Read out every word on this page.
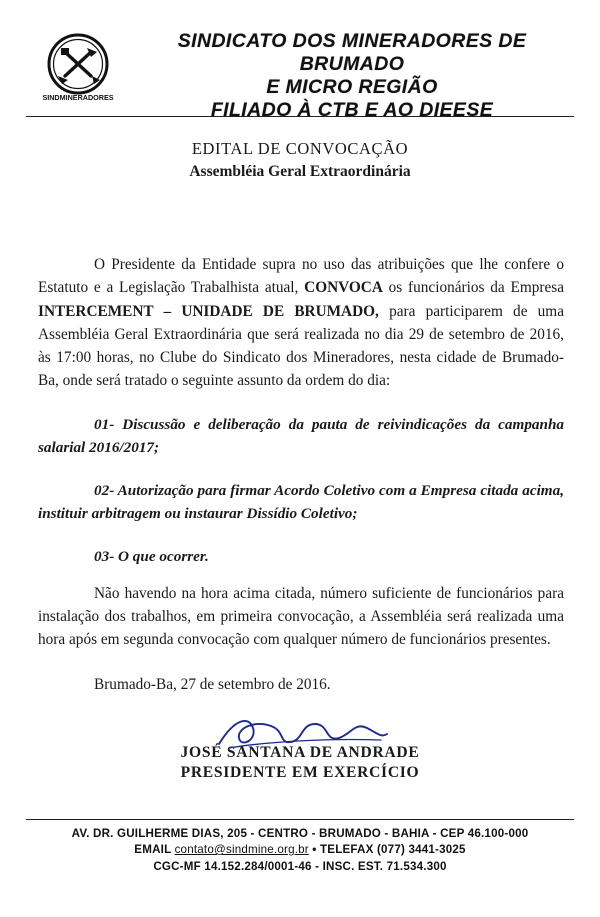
SINDMINERADORES
SINDICATO DOS MINERADORES DE BRUMADO
E MICRO REGIÃO
FILIADO À CTB E AO DIEESE
EDITAL DE CONVOCAÇÃO
Assembléia Geral Extraordinária

O Presidente da Entidade supra no uso das atribuições que lhe confere o Estatuto e a Legislação Trabalhista atual, CONVOCA os funcionários da Empresa INTERCEMENT – UNIDADE DE BRUMADO, para participarem de uma Assembléia Geral Extraordinária que será realizada no dia 29 de setembro de 2016, às 17:00 horas, no Clube do Sindicato dos Mineradores, nesta cidade de Brumado-Ba, onde será tratado o seguinte assunto da ordem do dia:

01- Discussão e deliberação da pauta de reivindicações da campanha salarial 2016/2017;

02- Autorização para firmar Acordo Coletivo com a Empresa citada acima, instituir arbitragem ou instaurar Dissídio Coletivo;

03- O que ocorrer.

Não havendo na hora acima citada, número suficiente de funcionários para instalação dos trabalhos, em primeira convocação, a Assembléia será realizada uma hora após em segunda convocação com qualquer número de funcionários presentes.

Brumado-Ba, 27 de setembro de 2016.

JOSÉ SANTANA DE ANDRADE
PRESIDENTE EM EXERCÍCIO
AV. DR. GUILHERME DIAS, 205 - CENTRO - BRUMADO - BAHIA - CEP 46.100-000
EMAIL contato@sindmine.org.br • TELEFAX (077) 3441-3025
CGC-MF 14.152.284/0001-46 - INSC. EST. 71.534.300
